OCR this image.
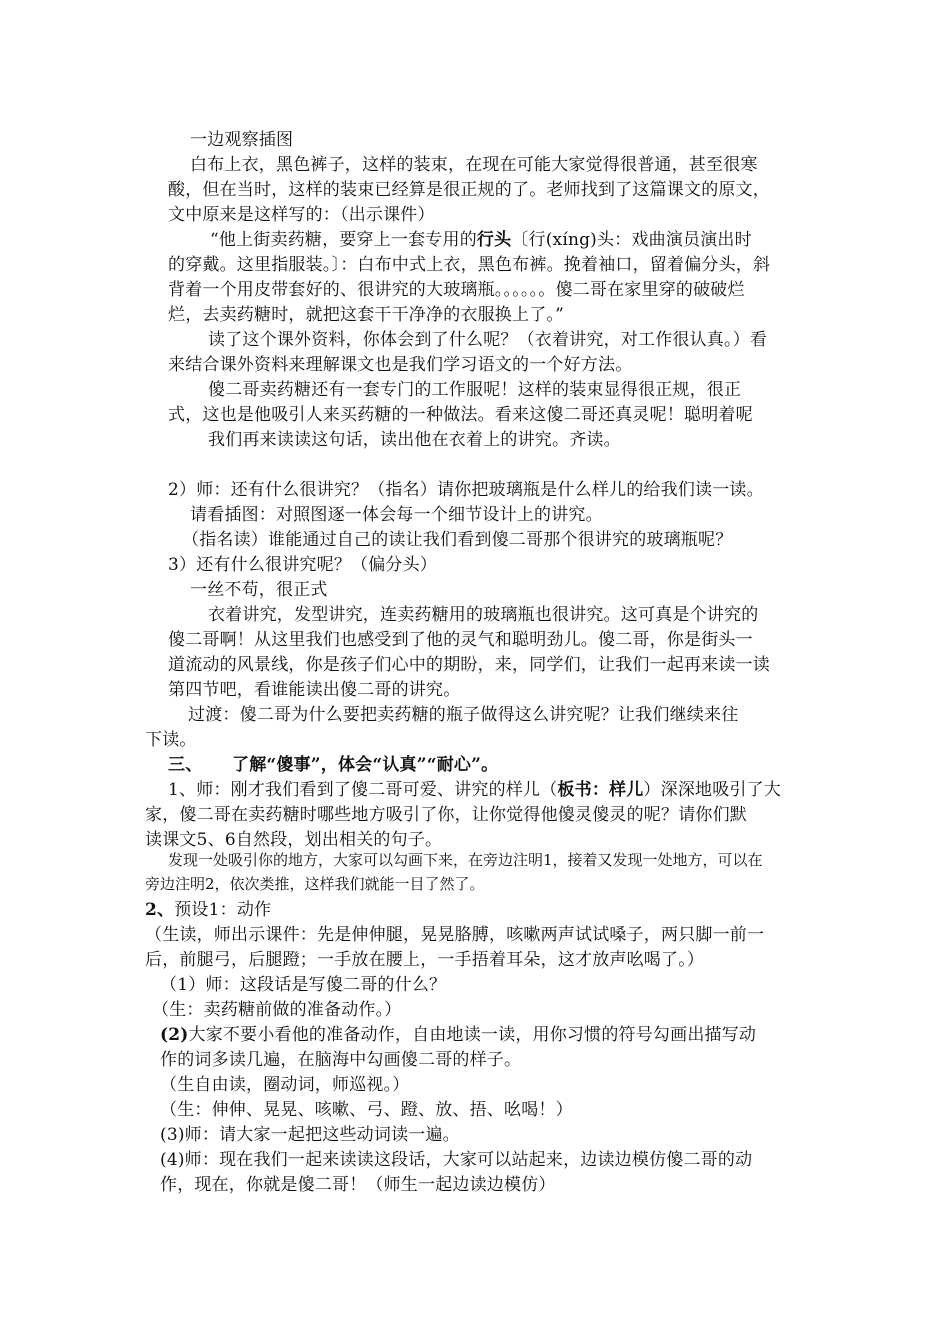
一边观察插图
白布上衣，黑色裤子，这样的装束，在现在可能大家觉得很普通，甚至很寒
酸，但在当时，这样的装束已经算是很正规的了。老师找到了这篇课文的原文，
文中原来是这样写的：（出示课件）
“他上街卖药糖，要穿上一套专用的行头〔行(xíng)头：戏曲演员演出时
的穿戴。这里指服装。〕：白布中式上衣，黑色布裤。挽着袖口，留着偏分头，斜
背着一个用皮带套好的、很讲究的大玻璃瓶。。。。。。傻二哥在家里穿的破破烂
烂，去卖药糖时，就把这套干干净净的衣服换上了。”
读了这个课外资料，你体会到了什么呢？（衣着讲究，对工作很认真。）看
来结合课外资料来理解课文也是我们学习语文的一个好方法。
傻二哥卖药糖还有一套专门的工作服呢！这样的装束显得很正规，很正
式，这也是他吸引人来买药糖的一种做法。看来这傻二哥还真灵呢！聪明着呢
我们再来读读这句话，读出他在衣着上的讲究。齐读。
2）师：还有什么很讲究？（指名）请你把玻璃瓶是什么样儿的给我们读一读。
请看插图：对照图逐一体会每一个细节设计上的讲究。
（指名读）谁能通过自己的读让我们看到傻二哥那个很讲究的玻璃瓶呢？
3）还有什么很讲究呢？（偏分头）
一丝不苟，很正式
衣着讲究，发型讲究，连卖药糖用的玻璃瓶也很讲究。这可真是个讲究的
傻二哥啊！从这里我们也感受到了他的灵气和聪明劲儿。傻二哥，你是街头一
道流动的风景线，你是孩子们心中的期盼，来，同学们，让我们一起再来读一读
第四节吧，看谁能读出傻二哥的讲究。
过渡：傻二哥为什么要把卖药糖的瓶子做得这么讲究呢？让我们继续来往
下读。
三、 了解“傻事”，体会“认真”“耐心”。
1、师：刚才我们看到了傻二哥可爱、讲究的样儿（板书：样儿）深深地吸引了大
家，傻二哥在卖药糖时哪些地方吸引了你，让你觉得他傻灵傻灵的呢？请你们默
读课文5、6自然段，划出相关的句子。
发现一处吸引你的地方，大家可以勾画下来，在旁边注明1，接着又发现一处地方，可以在
旁边注明2，依次类推，这样我们就能一目了然了。
2、预设1：动作
（生读，师出示课件：先是伸伸腿，晃晃胳膊，咳嗽两声试试嗓子，两只脚一前一
后，前腿弓，后腿蹬；一手放在腰上，一手捂着耳朵，这才放声吆喝了。）
（1）师：这段话是写傻二哥的什么？
（生：卖药糖前做的准备动作。）
(2)大家不要小看他的准备动作，自由地读一读，用你习惯的符号勾画出描写动
作的词多读几遍，在脑海中勾画傻二哥的样子。
（生自由读，圈动词，师巡视。）
（生：伸伸、晃晃、咳嗽、弓、蹬、放、捂、吆喝！）
(3)师：请大家一起把这些动词读一遍。
(4)师：现在我们一起来读读这段话，大家可以站起来，边读边模仿傻二哥的动
作，现在，你就是傻二哥！（师生一起边读边模仿）
